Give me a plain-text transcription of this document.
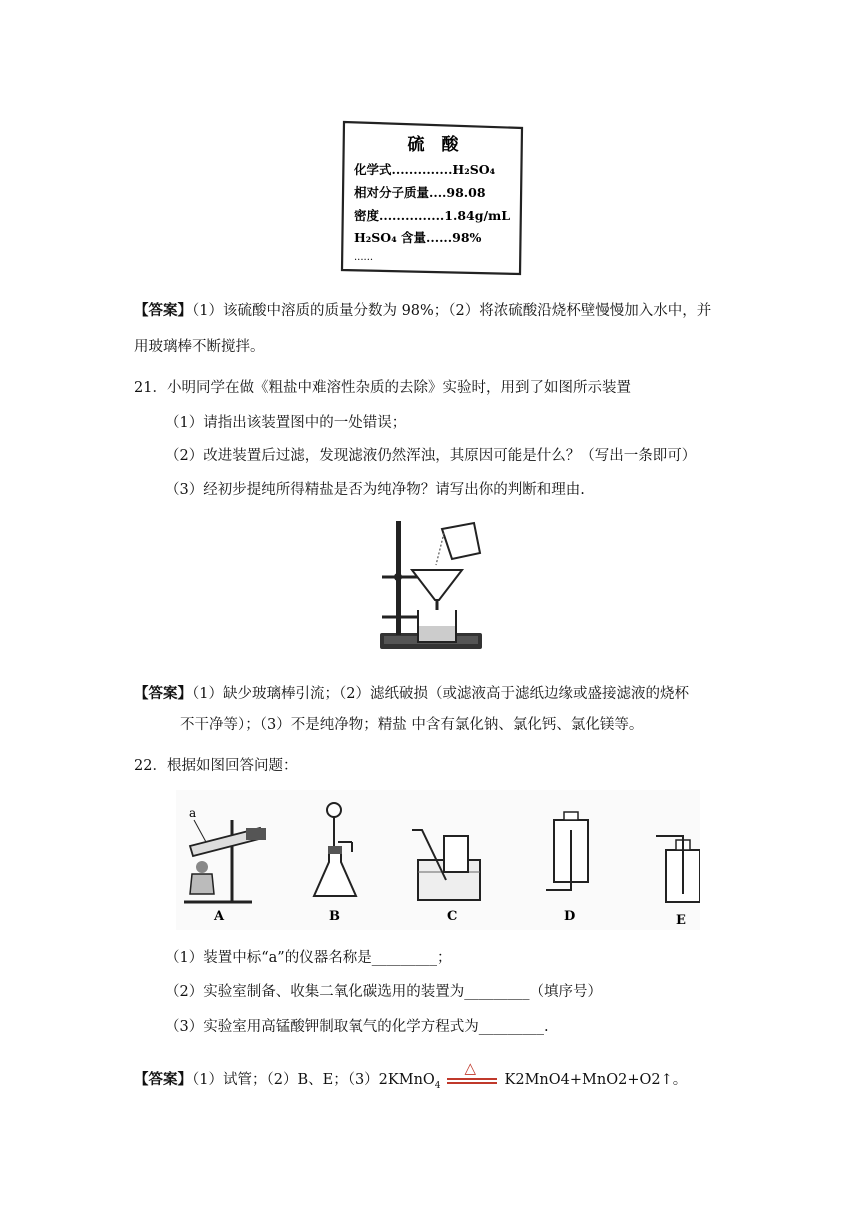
硫　酸
化学式..............H₂SO₄
相对分子质量....98.08
密度...............1.84g/mL
H₂SO₄ 含量......98%
......
【答案】（1）该硫酸中溶质的质量分数为 98%；（2）将浓硫酸沿烧杯壁慢慢加入水中，并
用玻璃棒不断搅拌。
21．小明同学在做《粗盐中难溶性杂质的去除》实验时，用到了如图所示装置
（1）请指出该装置图中的一处错误；
（2）改进装置后过滤，发现滤液仍然浑浊，其原因可能是什么？（写出一条即可）
（3）经初步提纯所得精盐是否为纯净物？请写出你的判断和理由.
【答案】（1）缺少玻璃棒引流；（2）滤纸破损（或滤液高于滤纸边缘或盛接滤液的烧杯
不干净等）；（3）不是纯净物；精盐 中含有氯化钠、氯化钙、氯化镁等。
22．根据如图回答问题：
a
A	B	C	D	E
（1）装置中标“a”的仪器名称是_________；
（2）实验室制备、收集二氧化碳选用的装置为_________（填序号）
（3）实验室用高锰酸钾制取氧气的化学方程式为_________.
【答案】（1）试管；（2）B、E；（3）2KMnO$_4$
△
K2MnO4+MnO2+O2↑。
